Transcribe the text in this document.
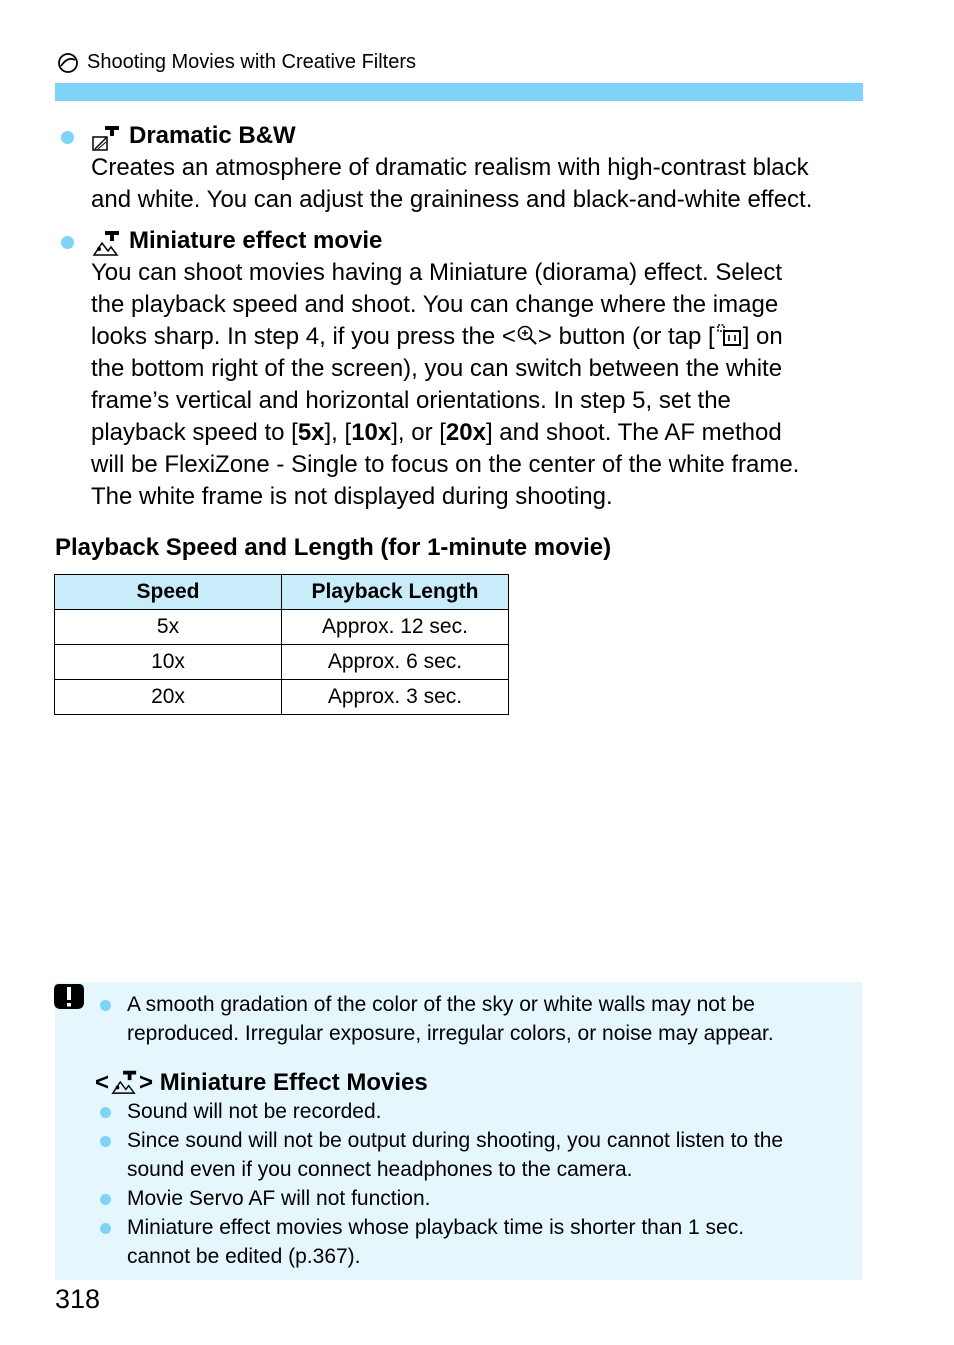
Shooting Movies with Creative Filters
Dramatic B&W
Creates an atmosphere of dramatic realism with high-contrast black
and white. You can adjust the graininess and black-and-white effect.
Miniature effect movie
You can shoot movies having a Miniature (diorama) effect. Select
the playback speed and shoot. You can change where the image
looks sharp. In step 4, if you press the < > button (or tap [ ] on
the bottom right of the screen), you can switch between the white
frame’s vertical and horizontal orientations. In step 5, set the
playback speed to [5x], [10x], or [20x] and shoot. The AF method
will be FlexiZone - Single to focus on the center of the white frame.
The white frame is not displayed during shooting.
Playback Speed and Length (for 1-minute movie)
Speed	Playback Length
5x	Approx. 12 sec.
10x	Approx. 6 sec.
20x	Approx. 3 sec.
A smooth gradation of the color of the sky or white walls may not be
reproduced. Irregular exposure, irregular colors, or noise may appear.
< > Miniature Effect Movies
Sound will not be recorded.
Since sound will not be output during shooting, you cannot listen to the
sound even if you connect headphones to the camera.
Movie Servo AF will not function.
Miniature effect movies whose playback time is shorter than 1 sec.
cannot be edited (p.367).
318
